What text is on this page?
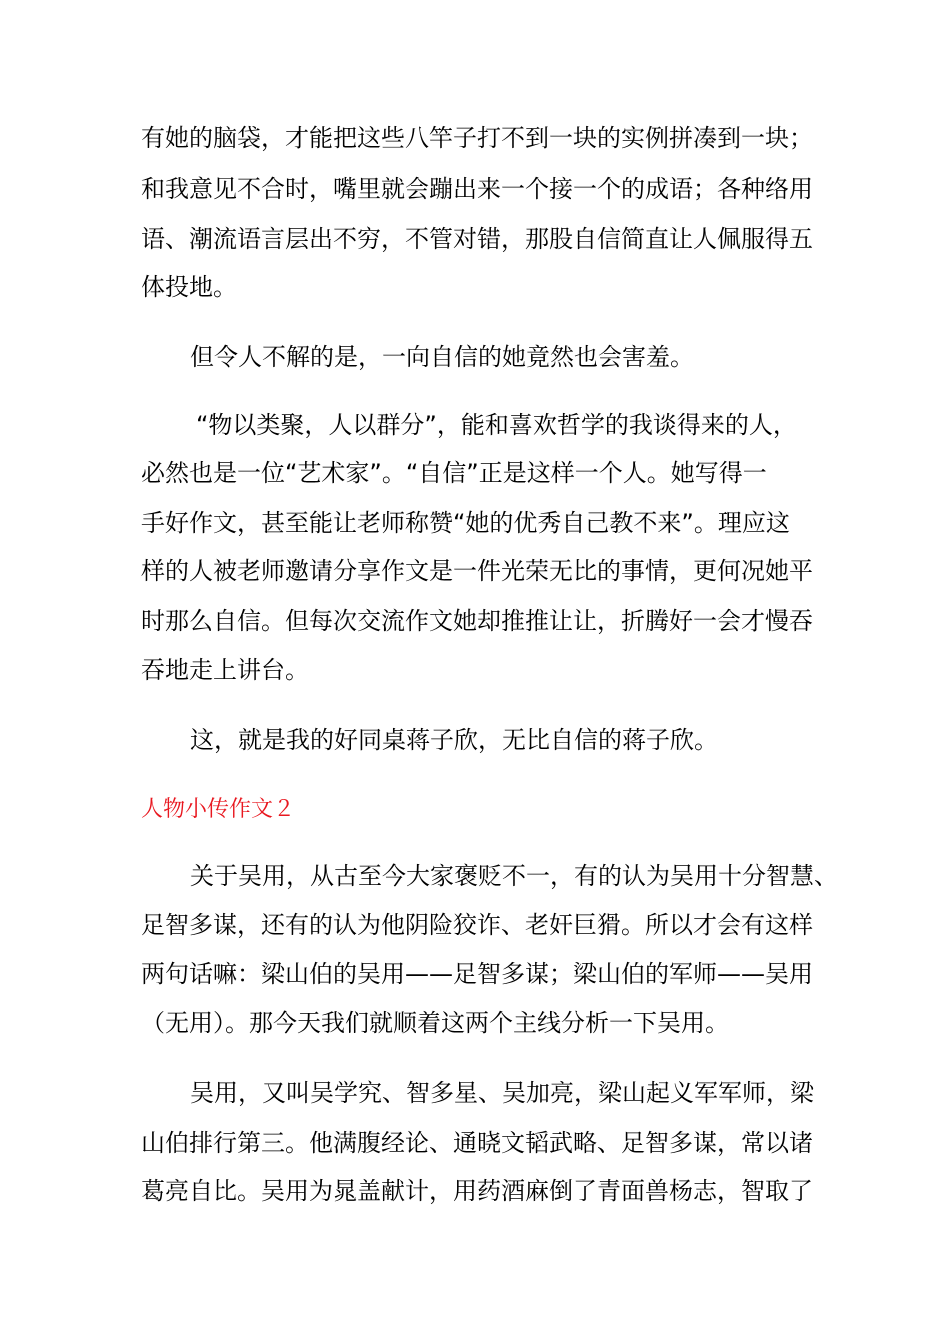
有她的脑袋，才能把这些八竿子打不到一块的实例拼凑到一块；
和我意见不合时，嘴里就会蹦出来一个接一个的成语；各种络用
语、潮流语言层出不穷，不管对错，那股自信简直让人佩服得五
体投地。
但令人不解的是，一向自信的她竟然也会害羞。
“物以类聚，人以群分”，能和喜欢哲学的我谈得来的人，
必然也是一位“艺术家”。“自信”正是这样一个人。她写得一
手好作文，甚至能让老师称赞“她的优秀自己教不来”。理应这
样的人被老师邀请分享作文是一件光荣无比的事情，更何况她平
时那么自信。但每次交流作文她却推推让让，折腾好一会才慢吞
吞地走上讲台。
这，就是我的好同桌蒋子欣，无比自信的蒋子欣。
人物小传作文２
关于吴用，从古至今大家褒贬不一，有的认为吴用十分智慧、
足智多谋，还有的认为他阴险狡诈、老奸巨猾。所以才会有这样
两句话嘛：梁山伯的吴用——足智多谋；梁山伯的军师——吴用
（无用）。那今天我们就顺着这两个主线分析一下吴用。
吴用，又叫吴学究、智多星、吴加亮，梁山起义军军师，梁
山伯排行第三。他满腹经论、通晓文韬武略、足智多谋，常以诸
葛亮自比。吴用为晁盖献计，用药酒麻倒了青面兽杨志，智取了
